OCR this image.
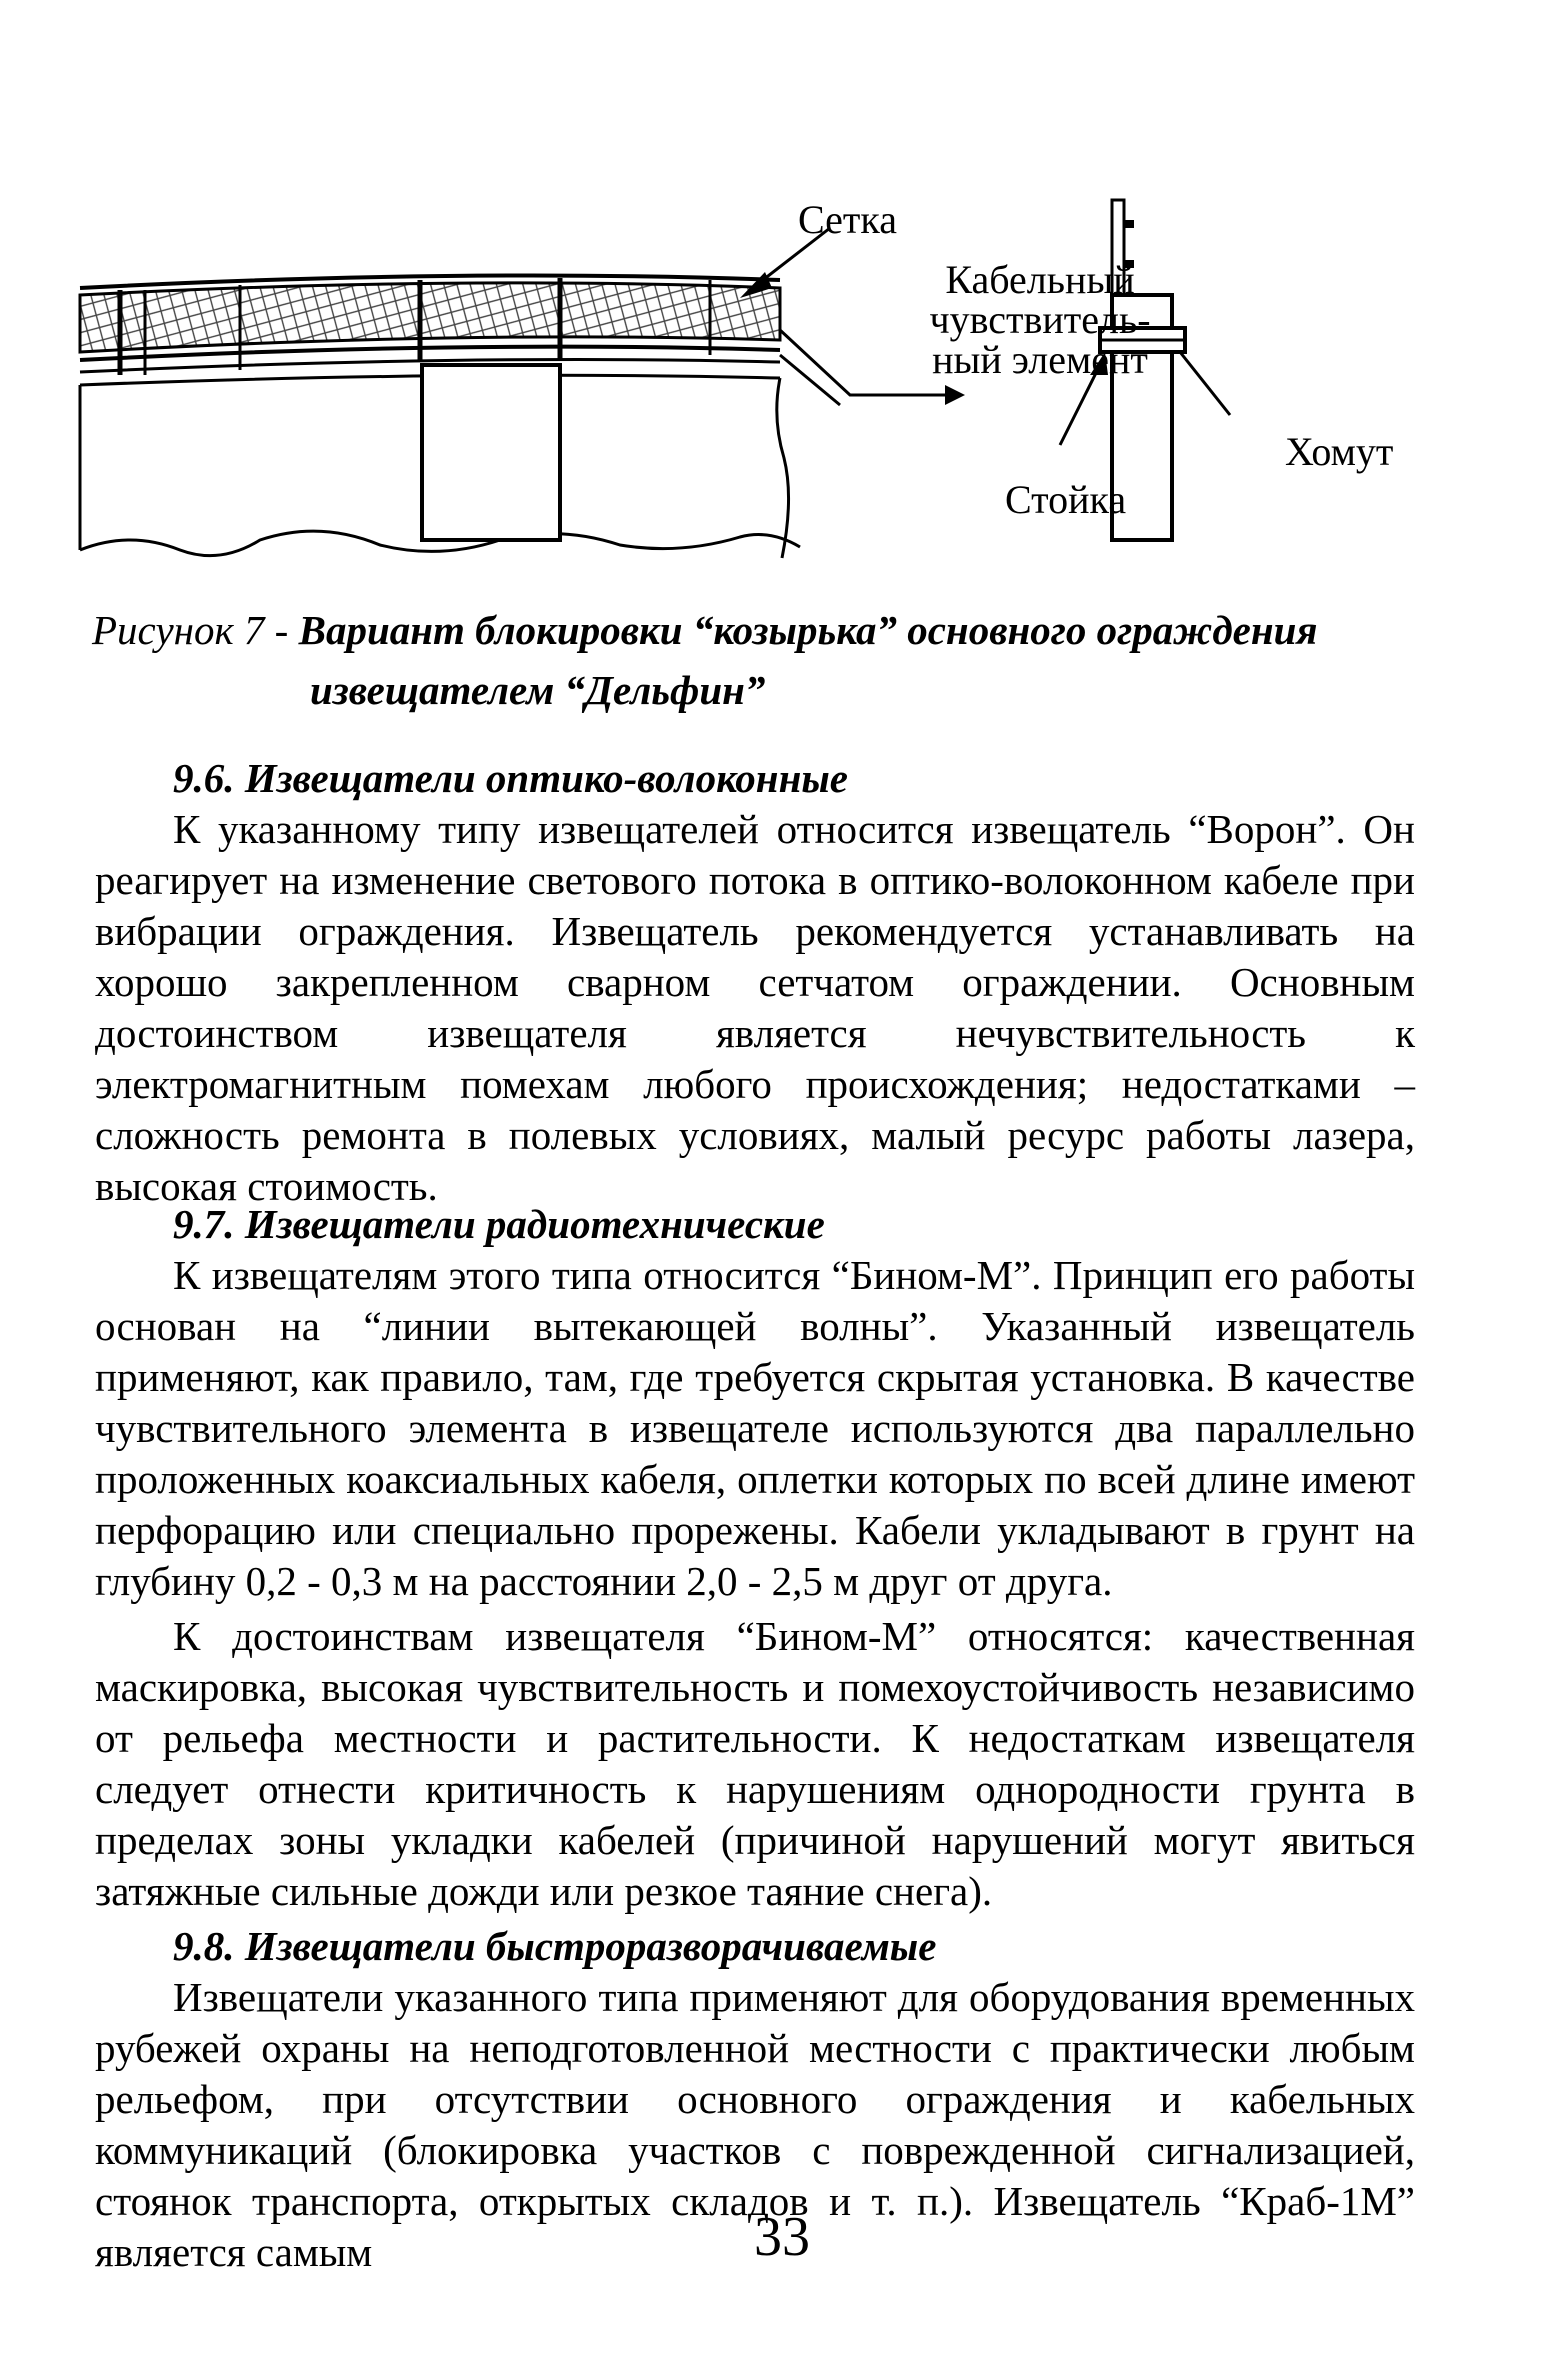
Сетка
Кабельный
чувствитель-
ный элемент
Хомут
Стойка
Рисунок 7 - Вариант блокировки “козырька” основного ограждения
извещателем “Дельфин”
9.6. Извещатели оптико-волоконные

К указанному типу извещателей относится извещатель “Ворон”. Он реагирует на изменение светового потока в оптико-волоконном кабеле при вибрации ограждения. Извещатель рекомендуется устанавливать на хорошо закрепленном сварном сетчатом ограждении. Основным достоинством извещателя является нечувствительность к электромагнитным помехам любого происхождения; недостатками – сложность ремонта в полевых условиях, малый ресурс работы лазера, высокая стоимость.

9.7. Извещатели радиотехнические

К извещателям этого типа относится “Бином-М”. Принцип его работы основан на “линии вытекающей волны”. Указанный извещатель применяют, как правило, там, где требуется скрытая установка. В качестве чувствительного элемента в извещателе используются два параллельно проложенных коаксиальных кабеля, оплетки которых по всей длине имеют перфорацию или специально прорежены. Кабели укладывают в грунт на глубину 0,2 - 0,3 м на расстоянии 2,0 - 2,5 м друг от друга.

К достоинствам извещателя “Бином-М” относятся: качественная маскировка, высокая чувствительность и помехоустойчивость независимо от рельефа местности и растительности. К недостаткам извещателя следует отнести критичность к нарушениям однородности грунта в пределах зоны укладки кабелей (причиной нарушений могут явиться затяжные сильные дожди или резкое таяние снега).

9.8. Извещатели быстроразворачиваемые

Извещатели указанного типа применяют для оборудования временных рубежей охраны на неподготовленной местности с практически любым рельефом, при отсутствии основного ограждения и кабельных коммуникаций (блокировка участков с поврежденной сигнализацией, стоянок транспорта, открытых складов и т. п.). Извещатель “Краб-1М” является самым	33
